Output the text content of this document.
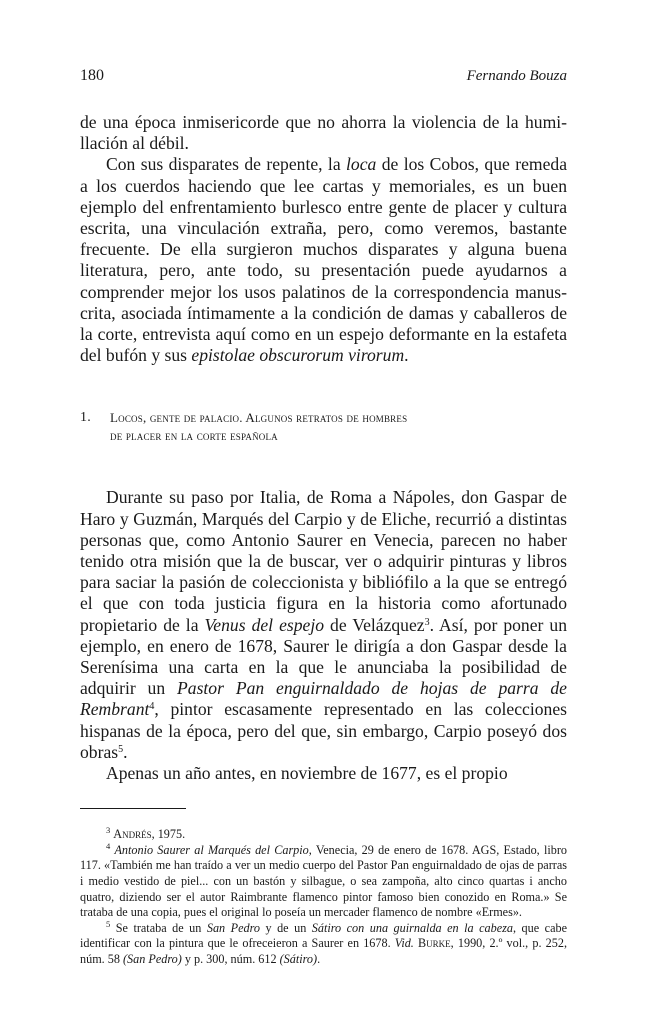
180	Fernando Bouza

de una época inmisericorde que no ahorra la violencia de la humillación al débil.

Con sus disparates de repente, la loca de los Cobos, que remeda a los cuerdos haciendo que lee cartas y memoriales, es un buen ejemplo del enfrentamiento burlesco entre gente de placer y cultura escrita, una vinculación extraña, pero, como veremos, bastante frecuente. De ella surgieron muchos disparates y alguna buena literatura, pero, ante todo, su presentación puede ayudarnos a comprender mejor los usos palatinos de la correspondencia manuscrita, asociada íntimamente a la condición de damas y caballeros de la corte, entrevista aquí como en un espejo deformante en la estafeta del bufón y sus epistolae obscurorum virorum.

1.	Locos, gente de palacio. Algunos retratos de hombres
de placer en la corte española

Durante su paso por Italia, de Roma a Nápoles, don Gaspar de Haro y Guzmán, Marqués del Carpio y de Eliche, recurrió a distintas personas que, como Antonio Saurer en Venecia, parecen no haber tenido otra misión que la de buscar, ver o adquirir pinturas y libros para saciar la pasión de coleccionista y bibliófilo a la que se entregó el que con toda justicia figura en la historia como afortunado propietario de la Venus del espejo de Velázquez$^3$. Así, por poner un ejemplo, en enero de 1678, Saurer le dirigía a don Gaspar desde la Serenísima una carta en la que le anunciaba la posibilidad de adquirir un Pastor Pan enguirnaldado de hojas de parra de Rembrant$^4$, pintor escasamente representado en las colecciones hispanas de la época, pero del que, sin embargo, Carpio poseyó dos obras$^5$.

Apenas un año antes, en noviembre de 1677, es el propio

$^3$ Andrés, 1975.

$^4$ Antonio Saurer al Marqués del Carpio, Venecia, 29 de enero de 1678. AGS, Estado, libro 117. «También me han traído a ver un medio cuerpo del Pastor Pan enguirnaldado de ojas de parras i medio vestido de piel... con un bastón y silbague, o sea zampoña, alto cinco quartas i ancho quatro, diziendo ser el autor Raimbrante flamenco pintor famoso bien conozido en Roma.» Se trataba de una copia, pues el original lo poseía un mercader flamenco de nombre «Ermes».

$^5$ Se trataba de un San Pedro y de un Sátiro con una guirnalda en la cabeza, que cabe identificar con la pintura que le ofreceieron a Saurer en 1678. Vid. Burke, 1990, 2.º vol., p. 252, núm. 58 (San Pedro) y p. 300, núm. 612 (Sátiro).
